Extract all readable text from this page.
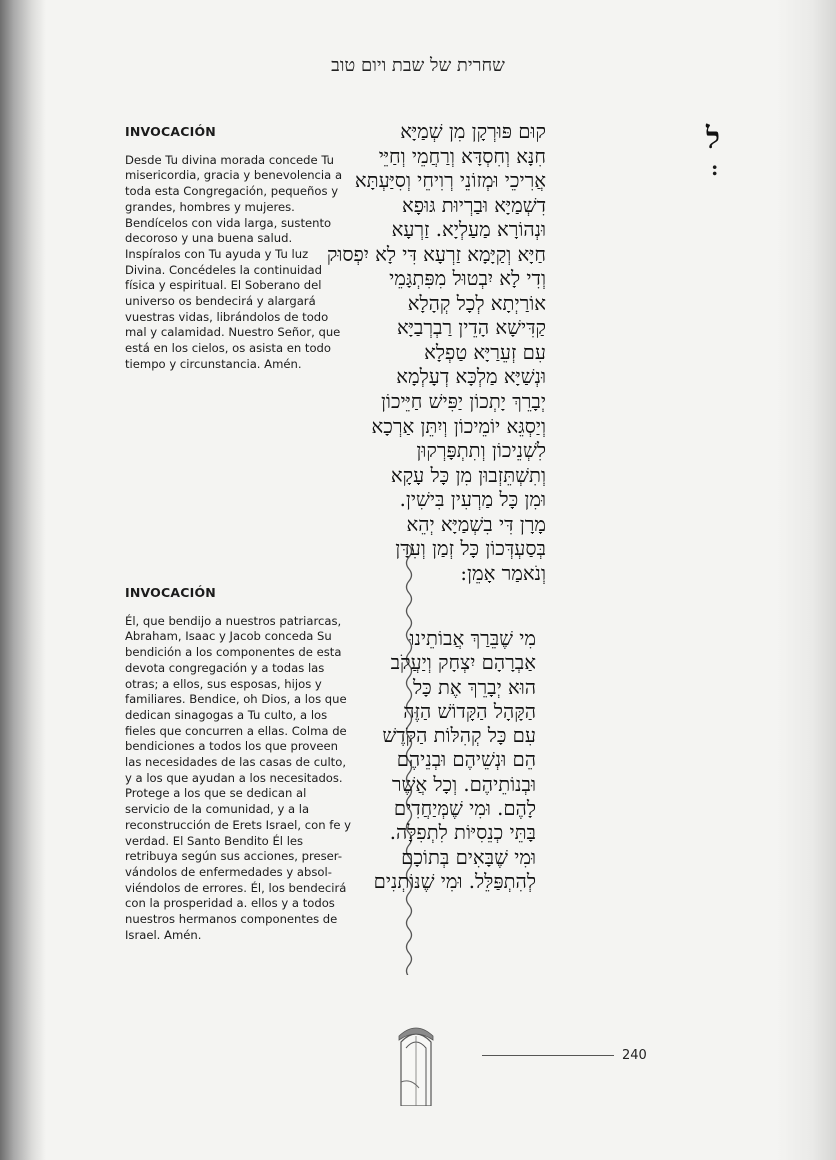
שחרית של שבת ויום טוב
INVOCACIÓN
Desde Tu divina morada concede Tu
misericordia, gracia y benevolencia a
toda esta Congregación, pequeños y
grandes, hombres y mujeres.
Bendícelos con vida larga, sustento
decoroso y una buena salud.
Inspíralos con Tu ayuda y Tu luz
Divina. Concédeles la continuidad
física y espiritual. El Soberano del
universo os bendecirá y alargará
vuestras vidas, librándolos de todo
mal y calamidad. Nuestro Señor, que
está en los cielos, os asista en todo
tiempo y circunstancia. Amén.
INVOCACIÓN
Él, que bendijo a nuestros patriarcas,
Abraham, Isaac y Jacob conceda Su
bendición a los componentes de esta
devota congregación y a todas las
otras; a ellos, sus esposas, hijos y
familiares. Bendice, oh Dios, a los que
dedican sinagogas a Tu culto, a los
fieles que concurren a ellas. Colma de
bendiciones a todos los que proveen
las necesidades de las casas de culto,
y a los que ayudan a los necesitados.
Protege a los que se dedican al
servicio de la comunidad, y a la
reconstrucción de Erets Israel, con fe y
verdad. El Santo Bendito Él les
retribuya según sus acciones, preser-
vándolos de enfermedades y absol-
viéndolos de errores. Él, los bendecirá
con la prosperidad a. ellos y a todos
nuestros hermanos componentes de
Israel. Amén.
ל
:
קוּם פּוּרְקָן מִן שְׁמַיָּא
חִנָּא וְחִסְדָּא וְרַחֲמֵי וְחַיֵּי
אֲרִיכֵי וּמְזוֹנֵי רְוִיחֵי וְסִיַּעְתָּא
דִשְׁמַיָּא וּבַרְיוּת גּוּפָא
וּנְהוֹרָא מַעַלְיָא. זַרְעָא
חַיָּא וְקַיָּמָא זַרְעָא דִּי לָא יִפְסוּק
וְדִי לָא יִבְטוּל מִפִּתְגָּמֵי
אוֹרַיְתָא לְכָל קְהָלָא
קַדִּישָׁא הָדֵין רַבְרְבַיָּא
עִם זְעֵרַיָּא טַפְלָא
וּנְשַׁיָּא מַלְכָּא דְעָלְמָא
יְבָרֵךְ יָתְכוֹן יַפִּישׁ חַיֵּיכוֹן
וְיַסְגֵּא יוֹמֵיכוֹן וְיִתֵּן אַרְכָא
לִשְׁנֵיכוֹן וְתִתְפָּרְקוּן
וְתִשְׁתֵּזְבוּן מִן כָּל עָקָא
וּמִן כָּל מַרְעִין בִּישִׁין.
מָרָן דִּי בִשְׁמַיָּא יְהֵא
בְּסַעְדְּכוֹן כָּל זְמַן וְעִדָּן
וְנֹאמַר אָמֵן:
מִי שֶׁבֵּרַךְ אֲבוֹתֵינוּ
אַבְרָהָם יִצְחָק וְיַעֲקֹב
הוּא יְבָרֵךְ אֶת כָּל
הַקָּהָל הַקָּדוֹשׁ הַזֶּה
עִם כָּל קְהִלּוֹת הַקֹּדֶשׁ
הֵם וּנְשֵׁיהֶם וּבְנֵיהֶם
וּבְנוֹתֵיהֶם. וְכָל אֲשֶׁר
לָהֶם. וּמִי שֶׁמְּיַחֲדִים
בָּתֵּי כְנֵסִיּוֹת לִתְפִלָּה.
וּמִי שֶׁבָּאִים בְּתוֹכָם
לְהִתְפַּלֵּל. וּמִי שֶׁנּוֹתְנִים
240
